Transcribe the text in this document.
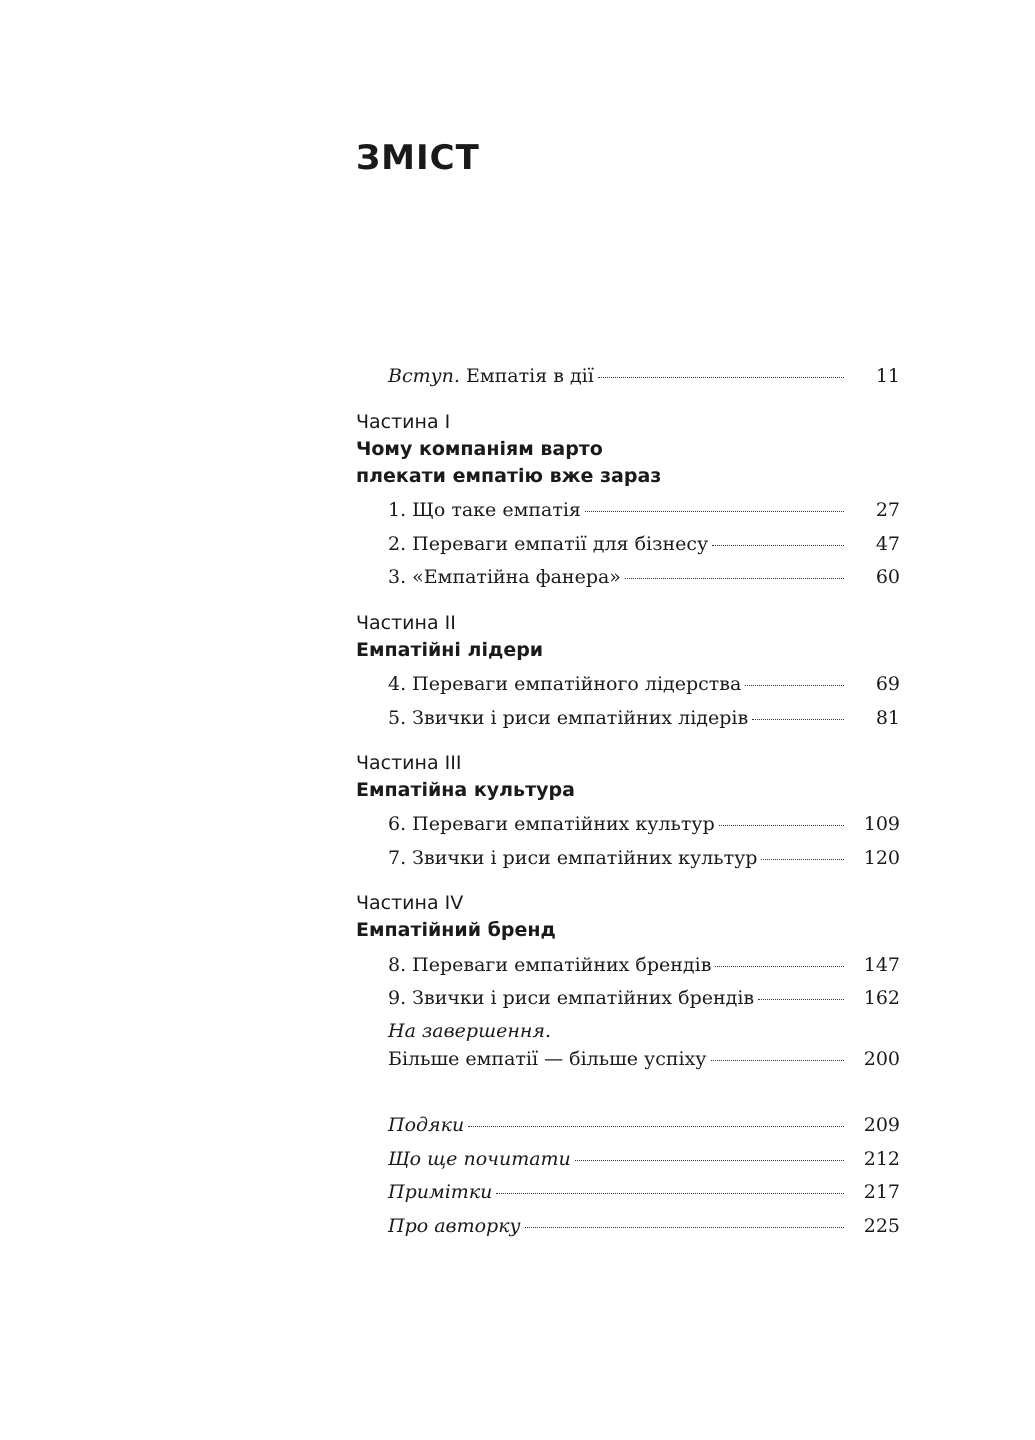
ЗМІСТ
Вступ. Емпатія в дії	11
Частина I
Чому компаніям варто
плекати емпатію вже зараз
1. Що таке емпатія	27
2. Переваги емпатії для бізнесу	47
3. «Емпатійна фанера»	60
Частина II
Емпатійні лідери
4. Переваги емпатійного лідерства	69
5. Звички і риси емпатійних лідерів	81
Частина III
Емпатійна культура
6. Переваги емпатійних культур	109
7. Звички і риси емпатійних культур	120
Частина IV
Емпатійний бренд
8. Переваги емпатійних брендів	147
9. Звички і риси емпатійних брендів	162
На завершення.
Більше емпатії — більше успіху	200
Подяки	209
Що ще почитати	212
Примітки	217
Про авторку	225
